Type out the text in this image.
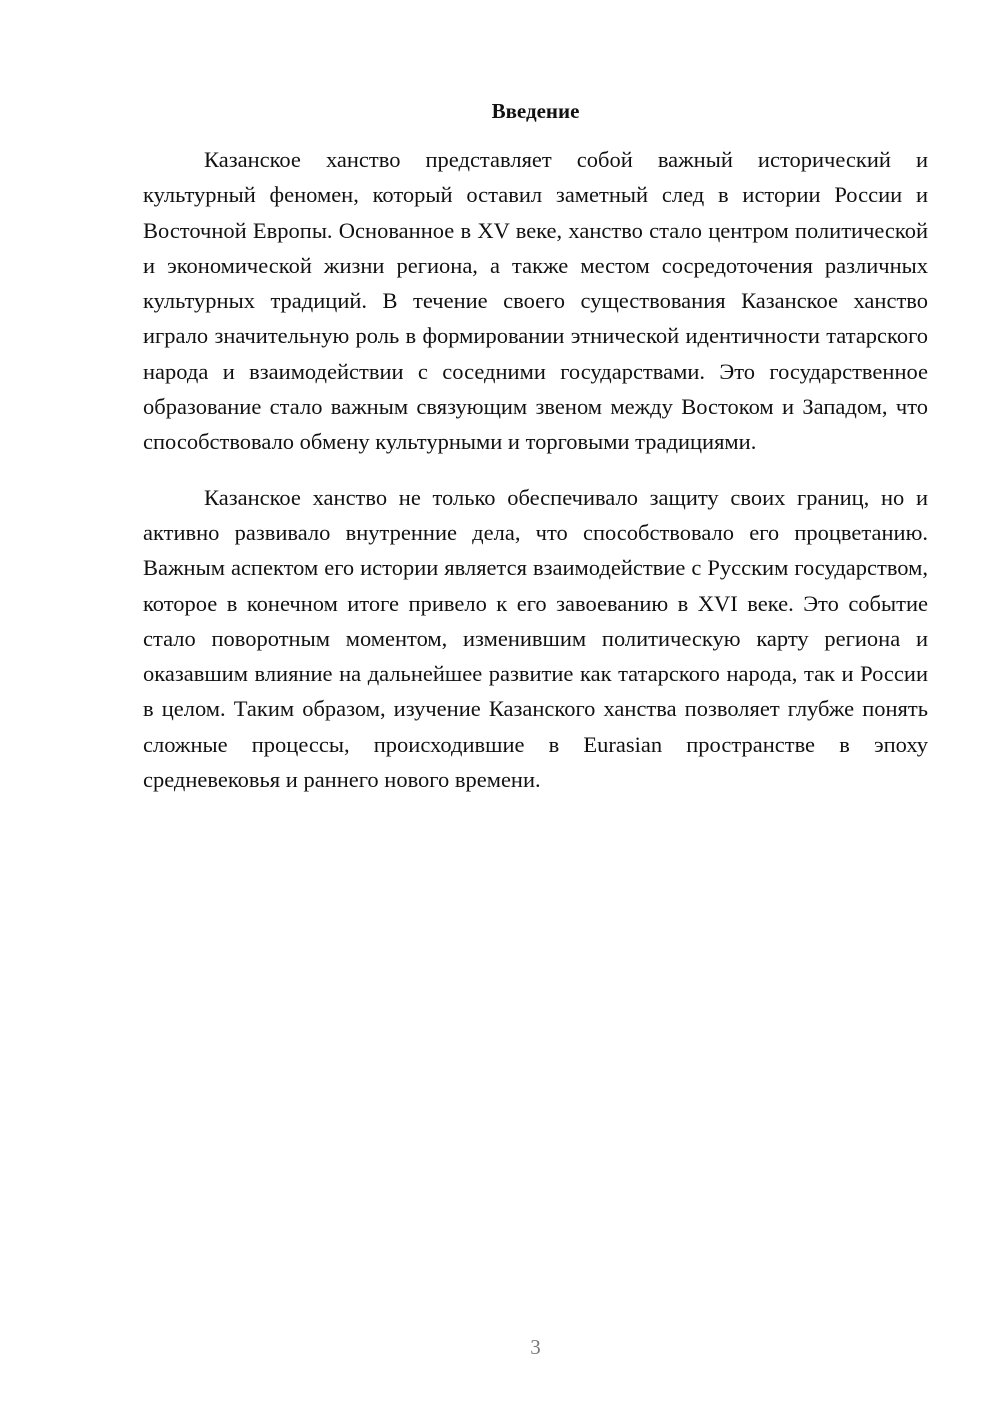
Введение

Казанское ханство представляет собой важный исторический и культурный феномен, который оставил заметный след в истории России и Восточной Европы. Основанное в XV веке, ханство стало центром политической и экономической жизни региона, а также местом сосредоточения различных культурных традиций. В течение своего существования Казанское ханство играло значительную роль в формировании этнической идентичности татарского народа и взаимодействии с соседними государствами. Это государственное образование стало важным связующим звеном между Востоком и Западом, что способствовало обмену культурными и торговыми традициями.

Казанское ханство не только обеспечивало защиту своих границ, но и активно развивало внутренние дела, что способствовало его процветанию. Важным аспектом его истории является взаимодействие с Русским государством, которое в конечном итоге привело к его завоеванию в XVI веке. Это событие стало поворотным моментом, изменившим политическую карту региона и оказавшим влияние на дальнейшее развитие как татарского народа, так и России в целом. Таким образом, изучение Казанского ханства позволяет глубже понять сложные процессы, происходившие в Eurasian пространстве в эпоху средневековья и раннего нового времени.

3
